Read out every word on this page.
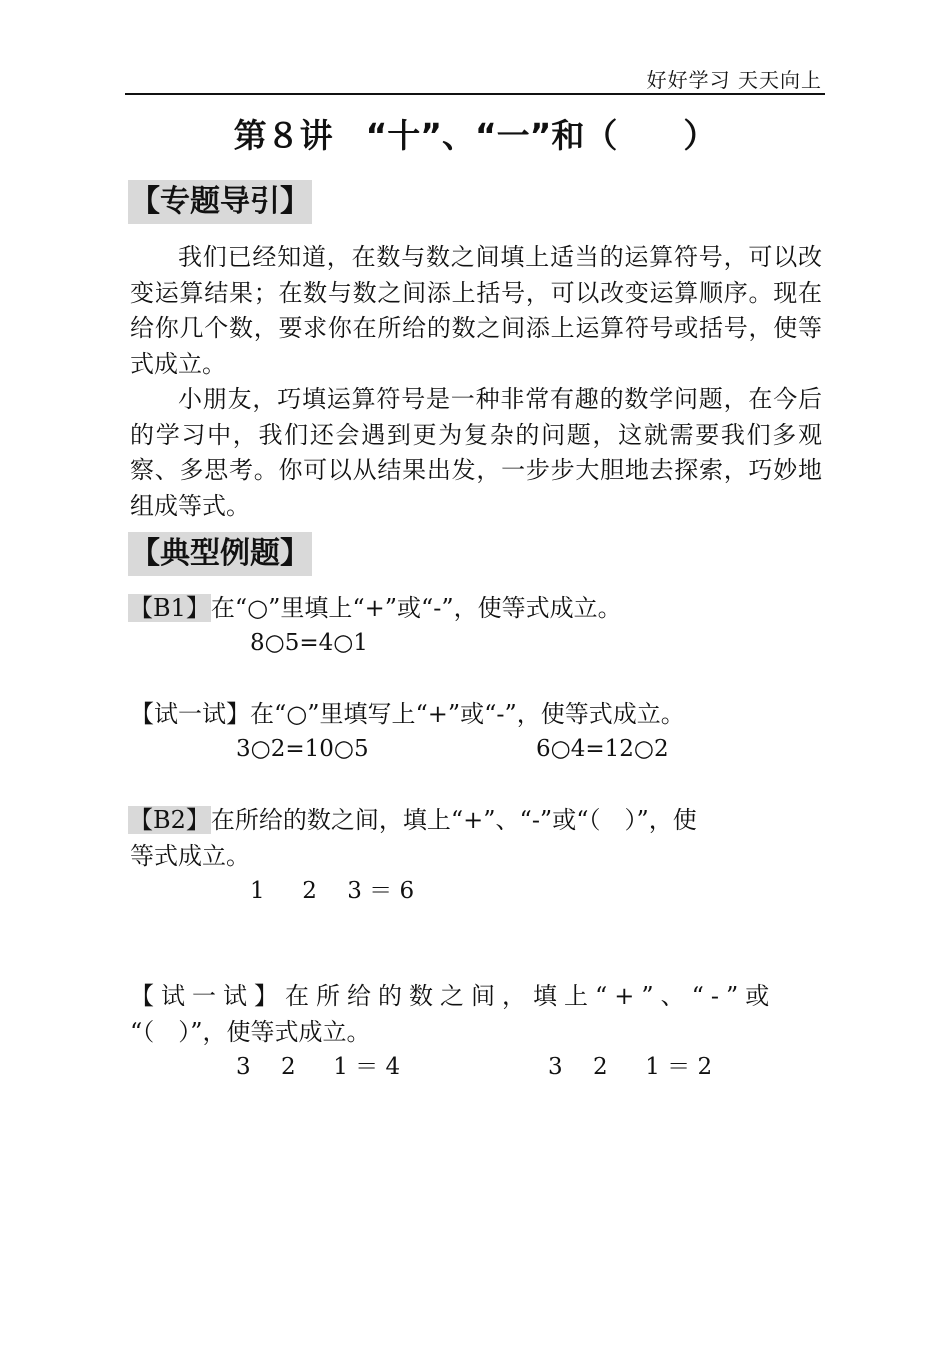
好好学习 天天向上
第８讲　“十”、“一”和（　　）
【专题导引】

我们已经知道，在数与数之间填上适当的运算符号，可以改变运算结果；在数与数之间添上括号，可以改变运算顺序。现在给你几个数，要求你在所给的数之间添上运算符号或括号，使等式成立。

小朋友，巧填运算符号是一种非常有趣的数学问题，在今后的学习中，我们还会遇到更为复杂的问题，这就需要我们多观察、多思考。你可以从结果出发，一步步大胆地去探索，巧妙地组成等式。

【典型例题】
【B1】在“○”里填上“+”或“-”，使等式成立。
8○5=4○1
【试一试】在“○”里填写上“+”或“-”，使等式成立。
3○2=10○5	6○4=12○2
【B2】在所给的数之间，填上“+”、“-”或“（　）”，使
等式成立。
1　  2　 3 ＝ 6
【试一试】在所给的数之间，填上“+”、“-”或
“（　）”，使等式成立。
3　 2　  1 ＝ 4	3　 2　  1 ＝ 2
